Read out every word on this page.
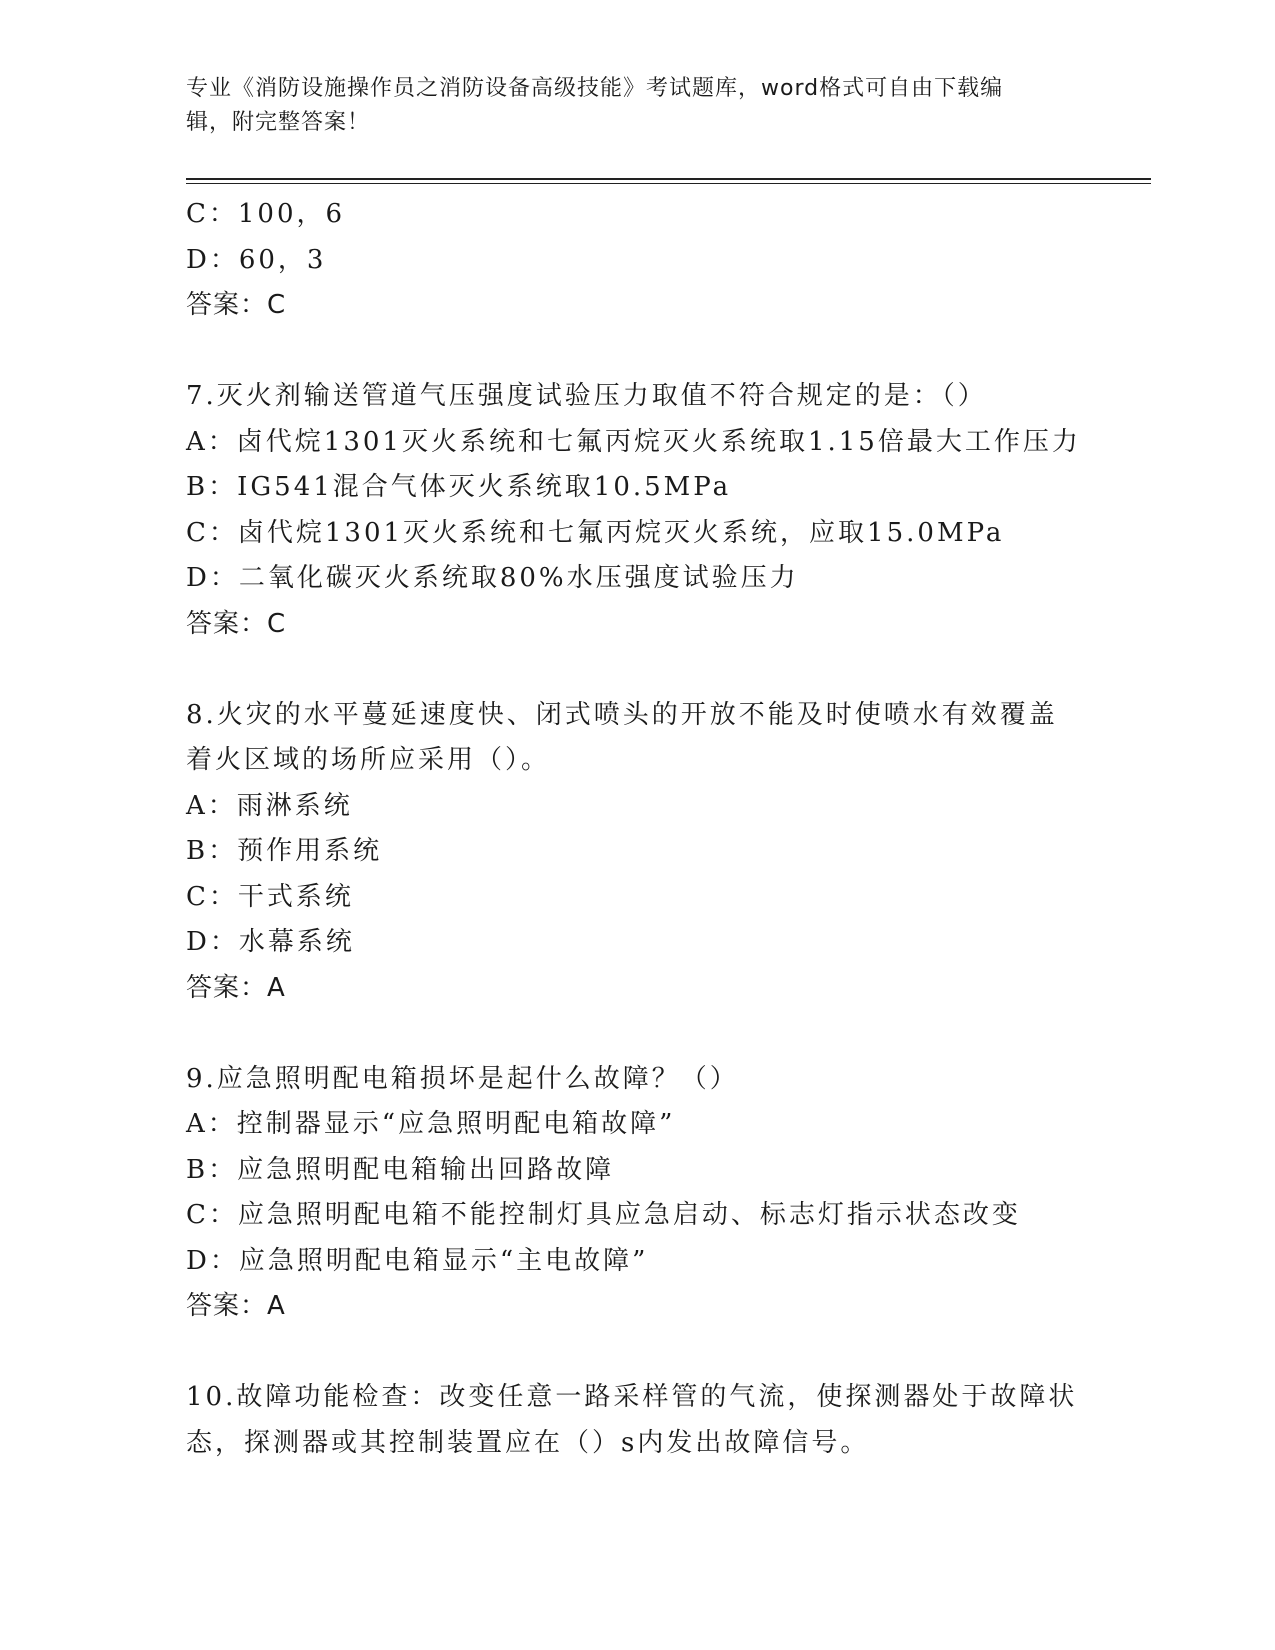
专业《消防设施操作员之消防设备高级技能》考试题库，word格式可自由下载编
辑，附完整答案！
C：100，6
D：60，3
答案：C
7.灭火剂输送管道气压强度试验压力取值不符合规定的是：（）
A：卤代烷1301灭火系统和七氟丙烷灭火系统取1.15倍最大工作压力
B：IG541混合气体灭火系统取10.5MPa
C：卤代烷1301灭火系统和七氟丙烷灭火系统，应取15.0MPa
D：二氧化碳灭火系统取80%水压强度试验压力
答案：C
8.火灾的水平蔓延速度快、闭式喷头的开放不能及时使喷水有效覆盖
着火区域的场所应采用（）。
A：雨淋系统
B：预作用系统
C：干式系统
D：水幕系统
答案：A
9.应急照明配电箱损坏是起什么故障？（）
A：控制器显示“应急照明配电箱故障”
B：应急照明配电箱输出回路故障
C：应急照明配电箱不能控制灯具应急启动、标志灯指示状态改变
D：应急照明配电箱显示“主电故障”
答案：A
10.故障功能检查：改变任意一路采样管的气流，使探测器处于故障状
态，探测器或其控制装置应在（）s内发出故障信号。
